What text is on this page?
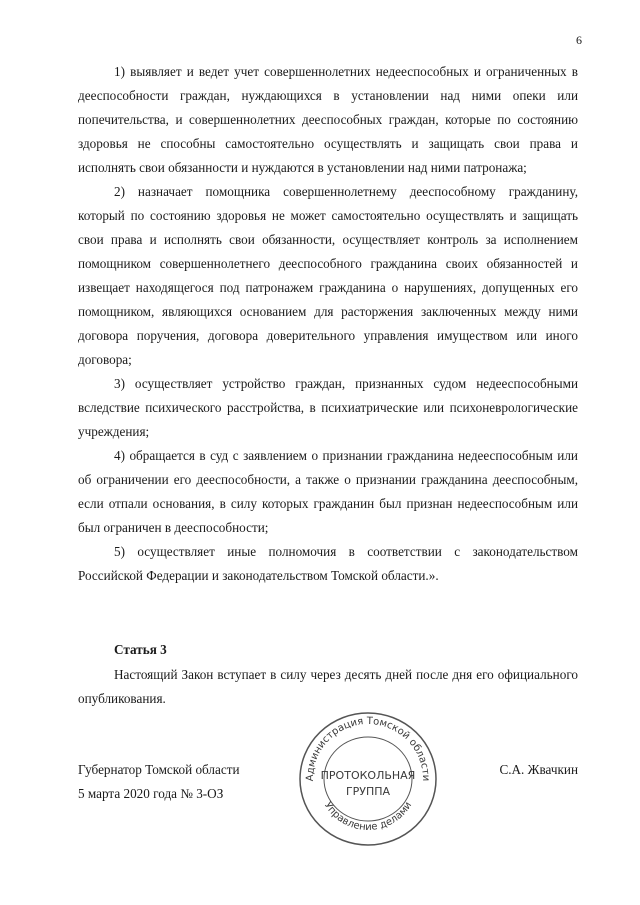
6

1) выявляет и ведет учет совершеннолетних недееспособных и ограниченных в дееспособности граждан, нуждающихся в установлении над ними опеки или попечительства, и совершеннолетних дееспособных граждан, которые по состоянию здоровья не способны самостоятельно осуществлять и защищать свои права и исполнять свои обязанности и нуждаются в установлении над ними патронажа;

2) назначает помощника совершеннолетнему дееспособному гражданину, который по состоянию здоровья не может самостоятельно осуществлять и защищать свои права и исполнять свои обязанности, осуществляет контроль за исполнением помощником совершеннолетнего дееспособного гражданина своих обязанностей и извещает находящегося под патронажем гражданина о нарушениях, допущенных его помощником, являющихся основанием для расторжения заключенных между ними договора поручения, договора доверительного управления имуществом или иного договора;

3) осуществляет устройство граждан, признанных судом недееспособными вследствие психического расстройства, в психиатрические или психоневрологические учреждения;

4) обращается в суд с заявлением о признании гражданина недееспособным или об ограничении его дееспособности, а также о признании гражданина дееспособным, если отпали основания, в силу которых гражданин был признан недееспособным или был ограничен в дееспособности;

5) осуществляет иные полномочия в соответствии с законодательством Российской Федерации и законодательством Томской области.».

Статья 3

Настоящий Закон вступает в силу через десять дней после дня его официального опубликования.

Губернатор Томской области	С.А. Жвачкин
5 марта 2020 года № 3-ОЗ
Администрация Томской области
Управление делами
ПРОТОКОЛЬНАЯ
ГРУППА
